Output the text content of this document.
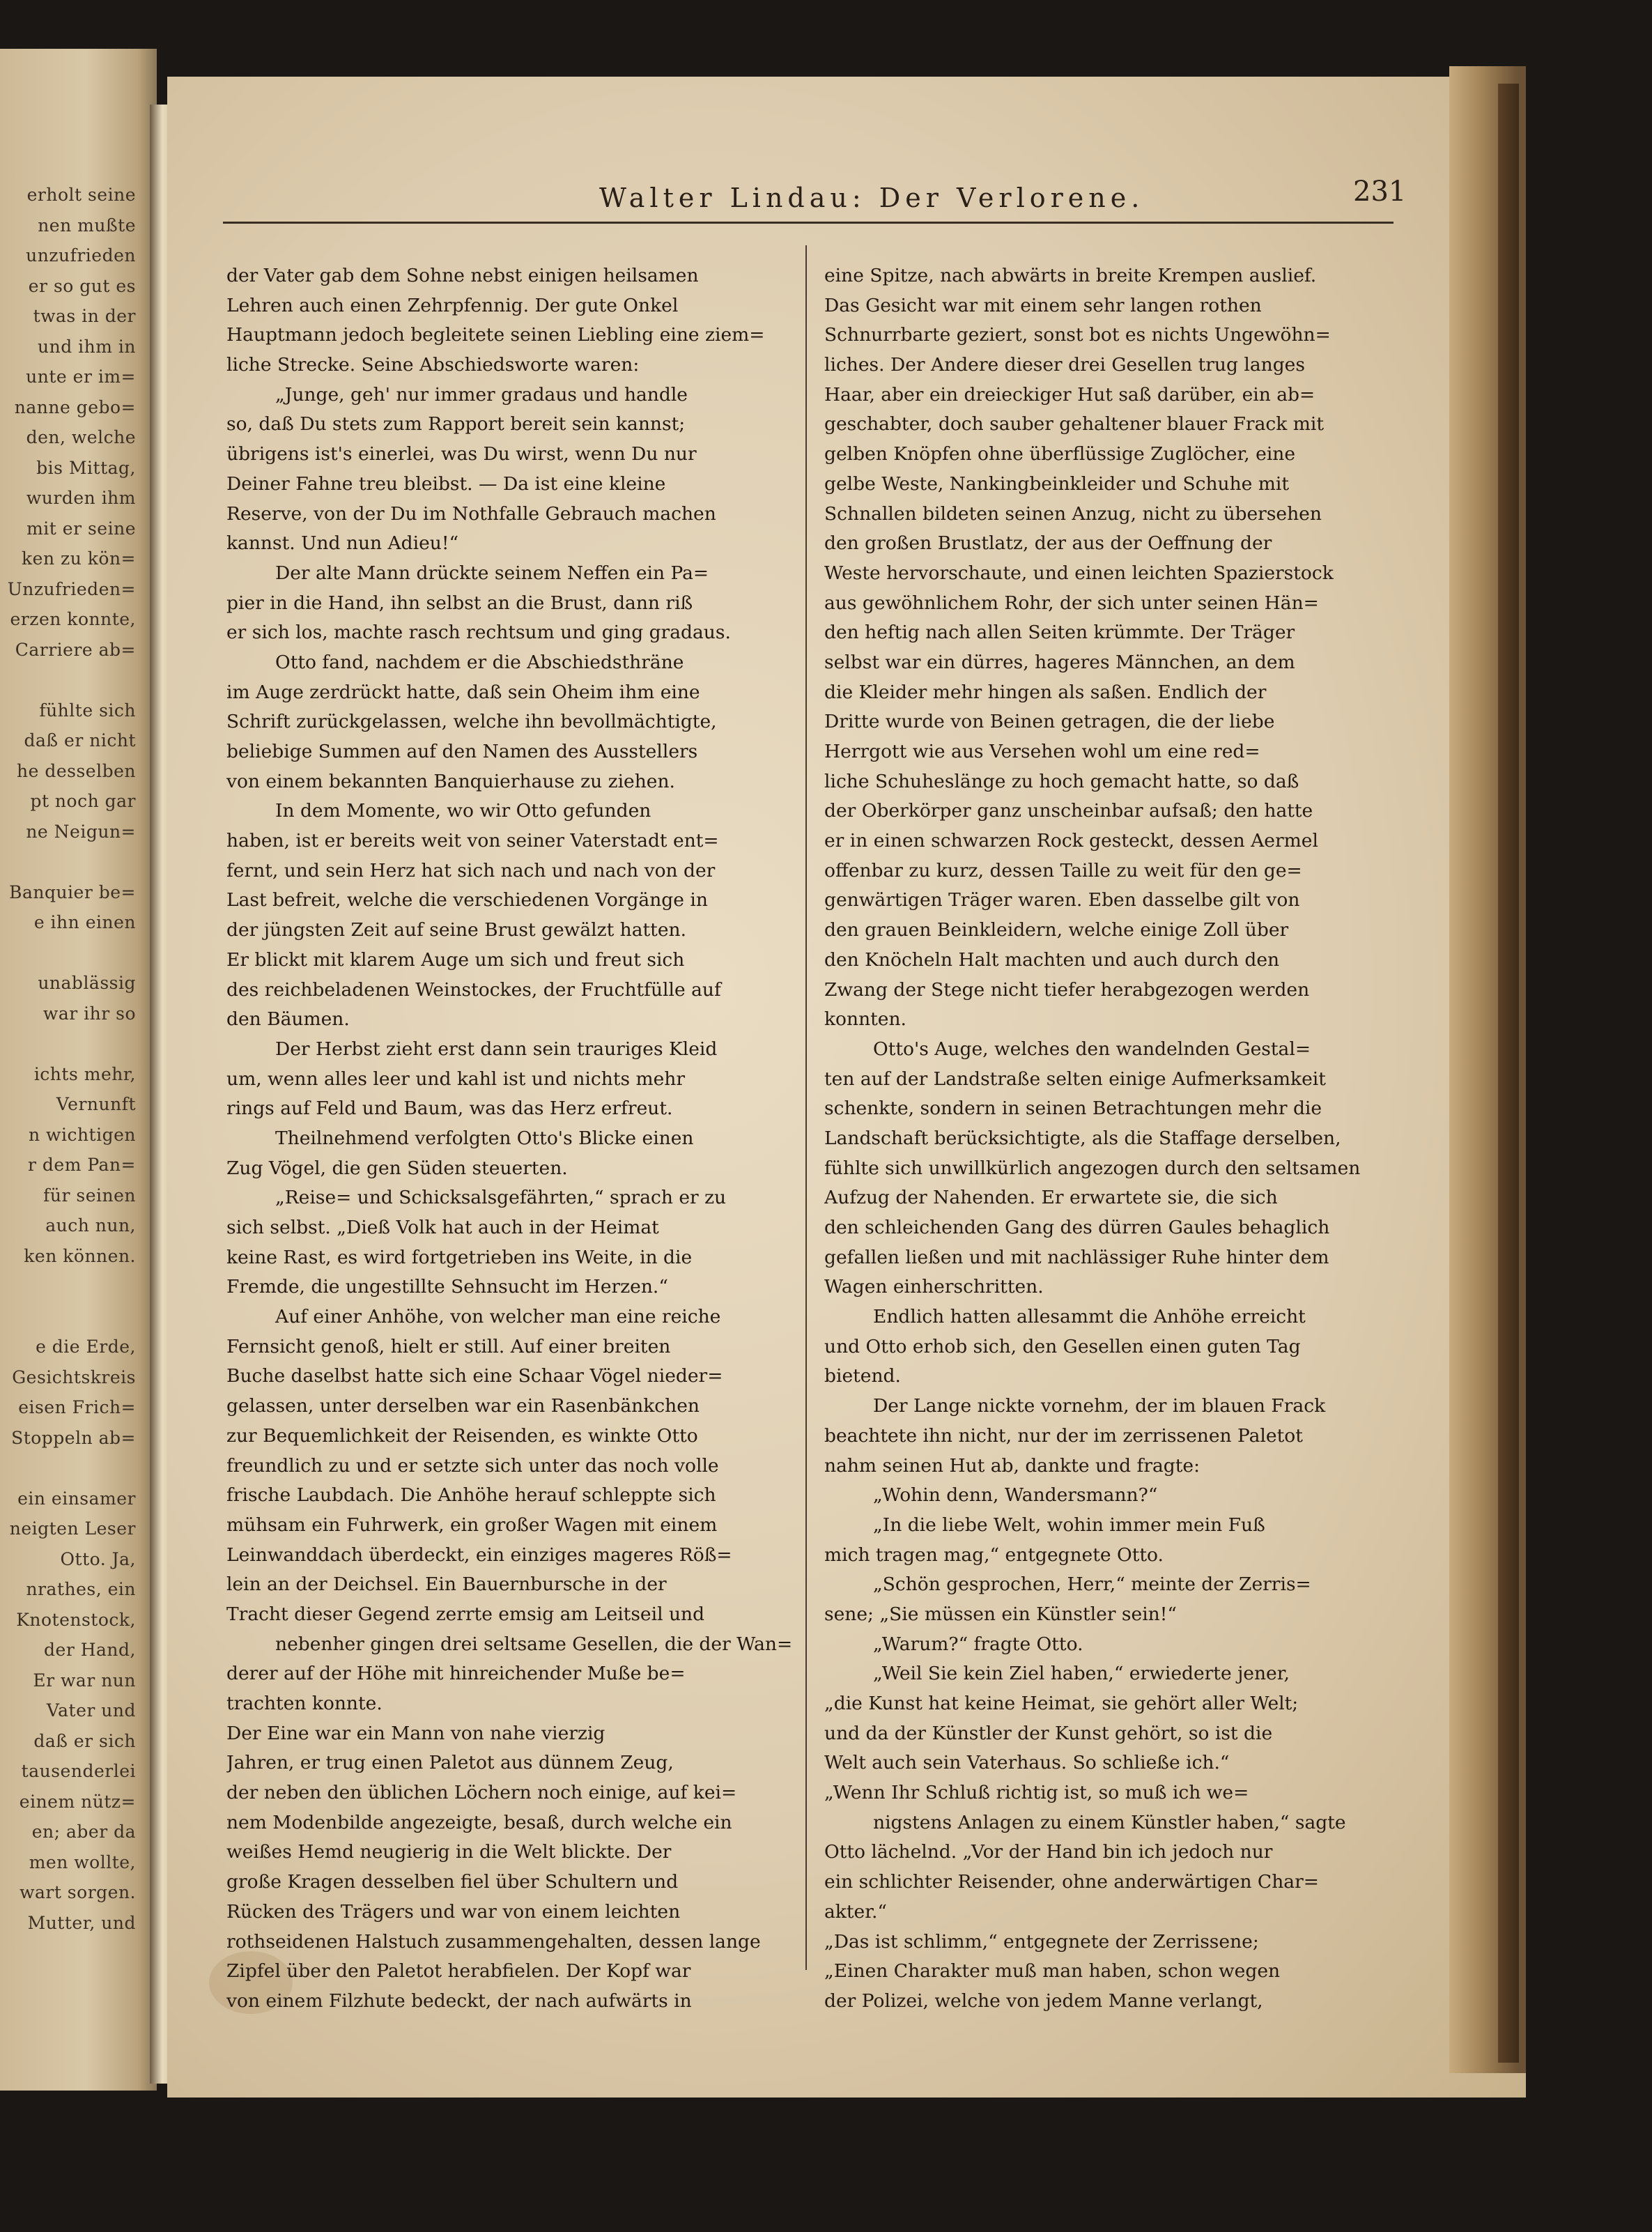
erholt seine
nen mußte
unzufrieden
er so gut es
twas in der
und ihm in
unte er im=
nanne gebo=
den, welche
bis Mittag,
wurden ihm
mit er seine
ken zu kön=
Unzufrieden=
erzen konnte,
Carriere ab=
fühlte sich
daß er nicht
he desselben
pt noch gar
ne Neigun=
Banquier be=
e ihn einen
unablässig
war ihr so
ichts mehr,
Vernunft
n wichtigen
r dem Pan=
für seinen
auch nun,
ken können.
e die Erde,
Gesichtskreis
eisen Frich=
Stoppeln ab=
ein einsamer
neigten Leser
Otto. Ja,
nrathes, ein
Knotenstock,
der Hand,
Er war nun
Vater und
daß er sich
tausenderlei
einem nütz=
en; aber da
men wollte,
wart sorgen.
Mutter, und
Walter Lindau: Der Verlorene.	231
der Vater gab dem Sohne nebst einigen heilsamen
Lehren auch einen Zehrpfennig. Der gute Onkel
Hauptmann jedoch begleitete seinen Liebling eine ziem=
liche Strecke. Seine Abschiedsworte waren:
„Junge, geh' nur immer gradaus und handle
so, daß Du stets zum Rapport bereit sein kannst;
übrigens ist's einerlei, was Du wirst, wenn Du nur
Deiner Fahne treu bleibst. — Da ist eine kleine
Reserve, von der Du im Nothfalle Gebrauch machen
kannst. Und nun Adieu!“
Der alte Mann drückte seinem Neffen ein Pa=
pier in die Hand, ihn selbst an die Brust, dann riß
er sich los, machte rasch rechtsum und ging gradaus.
Otto fand, nachdem er die Abschiedsthräne
im Auge zerdrückt hatte, daß sein Oheim ihm eine
Schrift zurückgelassen, welche ihn bevollmächtigte,
beliebige Summen auf den Namen des Ausstellers
von einem bekannten Banquierhause zu ziehen.
In dem Momente, wo wir Otto gefunden
haben, ist er bereits weit von seiner Vaterstadt ent=
fernt, und sein Herz hat sich nach und nach von der
Last befreit, welche die verschiedenen Vorgänge in
der jüngsten Zeit auf seine Brust gewälzt hatten.
Er blickt mit klarem Auge um sich und freut sich
des reichbeladenen Weinstockes, der Fruchtfülle auf
den Bäumen.
Der Herbst zieht erst dann sein trauriges Kleid
um, wenn alles leer und kahl ist und nichts mehr
rings auf Feld und Baum, was das Herz erfreut.
Theilnehmend verfolgten Otto's Blicke einen
Zug Vögel, die gen Süden steuerten.
„Reise= und Schicksalsgefährten,“ sprach er zu
sich selbst. „Dieß Volk hat auch in der Heimat
keine Rast, es wird fortgetrieben ins Weite, in die
Fremde, die ungestillte Sehnsucht im Herzen.“
Auf einer Anhöhe, von welcher man eine reiche
Fernsicht genoß, hielt er still. Auf einer breiten
Buche daselbst hatte sich eine Schaar Vögel nieder=
gelassen, unter derselben war ein Rasenbänkchen
zur Bequemlichkeit der Reisenden, es winkte Otto
freundlich zu und er setzte sich unter das noch volle
frische Laubdach. Die Anhöhe herauf schleppte sich
mühsam ein Fuhrwerk, ein großer Wagen mit einem
Leinwanddach überdeckt, ein einziges mageres Röß=
lein an der Deichsel. Ein Bauernbursche in der
Tracht dieser Gegend zerrte emsig am Leitseil und
nebenher gingen drei seltsame Gesellen, die der Wan=
derer auf der Höhe mit hinreichender Muße be=
trachten konnte.
Der Eine war ein Mann von nahe vierzig
Jahren, er trug einen Paletot aus dünnem Zeug,
der neben den üblichen Löchern noch einige, auf kei=
nem Modenbilde angezeigte, besaß, durch welche ein
weißes Hemd neugierig in die Welt blickte. Der
große Kragen desselben fiel über Schultern und
Rücken des Trägers und war von einem leichten
rothseidenen Halstuch zusammengehalten, dessen lange
Zipfel über den Paletot herabfielen. Der Kopf war
von einem Filzhute bedeckt, der nach aufwärts in
eine Spitze, nach abwärts in breite Krempen auslief.
Das Gesicht war mit einem sehr langen rothen
Schnurrbarte geziert, sonst bot es nichts Ungewöhn=
liches. Der Andere dieser drei Gesellen trug langes
Haar, aber ein dreieckiger Hut saß darüber, ein ab=
geschabter, doch sauber gehaltener blauer Frack mit
gelben Knöpfen ohne überflüssige Zuglöcher, eine
gelbe Weste, Nankingbeinkleider und Schuhe mit
Schnallen bildeten seinen Anzug, nicht zu übersehen
den großen Brustlatz, der aus der Oeffnung der
Weste hervorschaute, und einen leichten Spazierstock
aus gewöhnlichem Rohr, der sich unter seinen Hän=
den heftig nach allen Seiten krümmte. Der Träger
selbst war ein dürres, hageres Männchen, an dem
die Kleider mehr hingen als saßen. Endlich der
Dritte wurde von Beinen getragen, die der liebe
Herrgott wie aus Versehen wohl um eine red=
liche Schuheslänge zu hoch gemacht hatte, so daß
der Oberkörper ganz unscheinbar aufsaß; den hatte
er in einen schwarzen Rock gesteckt, dessen Aermel
offenbar zu kurz, dessen Taille zu weit für den ge=
genwärtigen Träger waren. Eben dasselbe gilt von
den grauen Beinkleidern, welche einige Zoll über
den Knöcheln Halt machten und auch durch den
Zwang der Stege nicht tiefer herabgezogen werden
konnten.
Otto's Auge, welches den wandelnden Gestal=
ten auf der Landstraße selten einige Aufmerksamkeit
schenkte, sondern in seinen Betrachtungen mehr die
Landschaft berücksichtigte, als die Staffage derselben,
fühlte sich unwillkürlich angezogen durch den seltsamen
Aufzug der Nahenden. Er erwartete sie, die sich
den schleichenden Gang des dürren Gaules behaglich
gefallen ließen und mit nachlässiger Ruhe hinter dem
Wagen einherschritten.
Endlich hatten allesammt die Anhöhe erreicht
und Otto erhob sich, den Gesellen einen guten Tag
bietend.
Der Lange nickte vornehm, der im blauen Frack
beachtete ihn nicht, nur der im zerrissenen Paletot
nahm seinen Hut ab, dankte und fragte:
„Wohin denn, Wandersmann?“
„In die liebe Welt, wohin immer mein Fuß
mich tragen mag,“ entgegnete Otto.
„Schön gesprochen, Herr,“ meinte der Zerris=
sene; „Sie müssen ein Künstler sein!“
„Warum?“ fragte Otto.
„Weil Sie kein Ziel haben,“ erwiederte jener,
„die Kunst hat keine Heimat, sie gehört aller Welt;
und da der Künstler der Kunst gehört, so ist die
Welt auch sein Vaterhaus. So schließe ich.“
„Wenn Ihr Schluß richtig ist, so muß ich we=
nigstens Anlagen zu einem Künstler haben,“ sagte
Otto lächelnd. „Vor der Hand bin ich jedoch nur
ein schlichter Reisender, ohne anderwärtigen Char=
akter.“
„Das ist schlimm,“ entgegnete der Zerrissene;
„Einen Charakter muß man haben, schon wegen
der Polizei, welche von jedem Manne verlangt,
